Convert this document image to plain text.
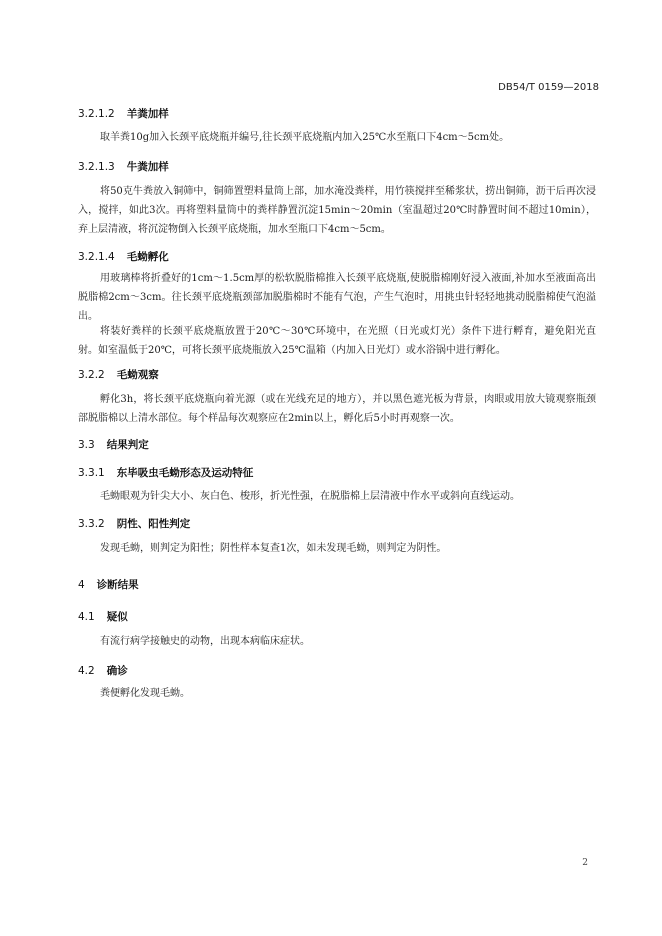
DB54/T 0159—2018
3.2.1.2 羊粪加样

取羊粪10g加入长颈平底烧瓶并编号,往长颈平底烧瓶内加入25℃水至瓶口下4cm～5cm处。

3.2.1.3 牛粪加样

将50克牛粪放入铜筛中，铜筛置塑料量筒上部，加水淹没粪样，用竹筷搅拌至稀浆状，捞出铜筛，沥干后再次浸入，搅拌，如此3次。再将塑料量筒中的粪样静置沉淀15min～20min（室温超过20℃时静置时间不超过10min），弃上层清液，将沉淀物倒入长颈平底烧瓶，加水至瓶口下4cm～5cm。

3.2.1.4 毛蚴孵化

用玻璃棒将折叠好的1cm～1.5cm厚的松软脱脂棉推入长颈平底烧瓶,使脱脂棉刚好浸入液面,补加水至液面高出脱脂棉2cm～3cm。往长颈平底烧瓶颈部加脱脂棉时不能有气泡，产生气泡时，用挑虫针轻轻地挑动脱脂棉使气泡溢出。

将装好粪样的长颈平底烧瓶放置于20℃～30℃环境中，在光照（日光或灯光）条件下进行孵育，避免阳光直射。如室温低于20℃，可将长颈平底烧瓶放入25℃温箱（内加入日光灯）或水浴锅中进行孵化。

3.2.2 毛蚴观察

孵化3h，将长颈平底烧瓶向着光源（或在光线充足的地方），并以黑色遮光板为背景，肉眼或用放大镜观察瓶颈部脱脂棉以上清水部位。每个样品每次观察应在2min以上，孵化后5小时再观察一次。

3.3 结果判定
3.3.1 东毕吸虫毛蚴形态及运动特征

毛蚴眼观为针尖大小、灰白色、梭形，折光性强，在脱脂棉上层清液中作水平或斜向直线运动。

3.3.2 阴性、阳性判定

发现毛蚴，则判定为阳性；阴性样本复查1次，如未发现毛蚴，则判定为阴性。

4 诊断结果
4.1 疑似

有流行病学接触史的动物，出现本病临床症状。

4.2 确诊

粪便孵化发现毛蚴。

2
